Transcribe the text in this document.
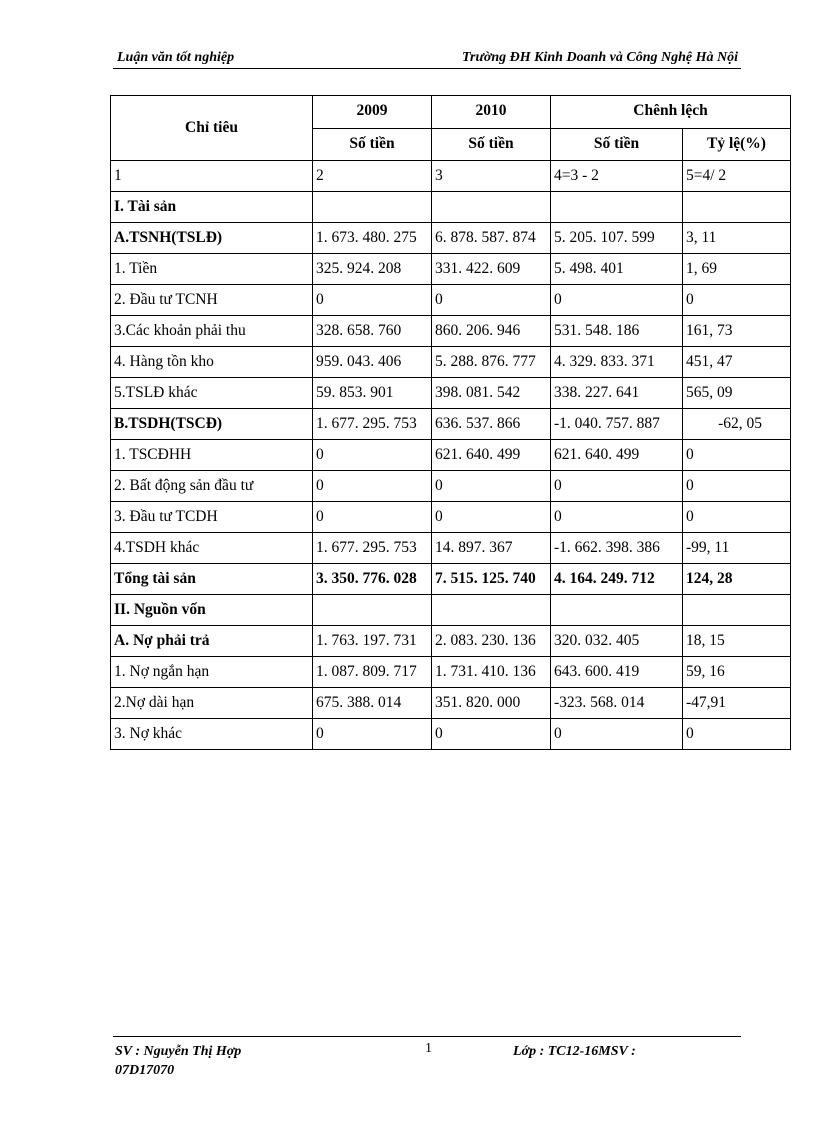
Luận văn tốt nghiệp	Trường ĐH Kinh Doanh và Công Nghệ Hà Nội
Chỉ tiêu	2009	2010	Chênh lệch	
	Số tiền	Số tiền	Số tiền	Tỷ lệ(%)
1	2	3	4=3 - 2	5=4/ 2
I. Tài sản				
A.TSNH(TSLĐ)	1. 673. 480. 275	6. 878. 587. 874	5. 205. 107. 599	3, 11
1. Tiền	325. 924. 208	331. 422. 609	5. 498. 401	1, 69
2. Đầu tư TCNH	0	0	0	0
3.Các khoản phải thu	328. 658. 760	860. 206. 946	531. 548. 186	161, 73
4. Hàng tồn kho	959. 043. 406	5. 288. 876. 777	4. 329. 833. 371	451, 47
5.TSLĐ khác	59. 853. 901	398. 081. 542	338. 227. 641	565, 09
B.TSDH(TSCĐ)	1. 677. 295. 753	636. 537. 866	-1. 040. 757. 887	-62, 05
1. TSCĐHH	0	621. 640. 499	621. 640. 499	0
2. Bất động sản đầu tư	0	0	0	0
3. Đầu tư TCDH	0	0	0	0
4.TSDH khác	1. 677. 295. 753	14. 897. 367	-1. 662. 398. 386	-99, 11
Tổng tài sản	3. 350. 776. 028	7. 515. 125. 740	4. 164. 249. 712	124, 28
II. Nguồn vốn				
A. Nợ phải trả	1. 763. 197. 731	2. 083. 230. 136	320. 032. 405	18, 15
1. Nợ ngắn hạn	1. 087. 809. 717	1. 731. 410. 136	643. 600. 419	59, 16
2.Nợ dài hạn	675. 388. 014	351. 820. 000	-323. 568. 014	-47,91
3. Nợ khác	0	0	0	0
SV : Nguyễn Thị Hợp
07D17070
1	Lớp : TC12-16MSV :
